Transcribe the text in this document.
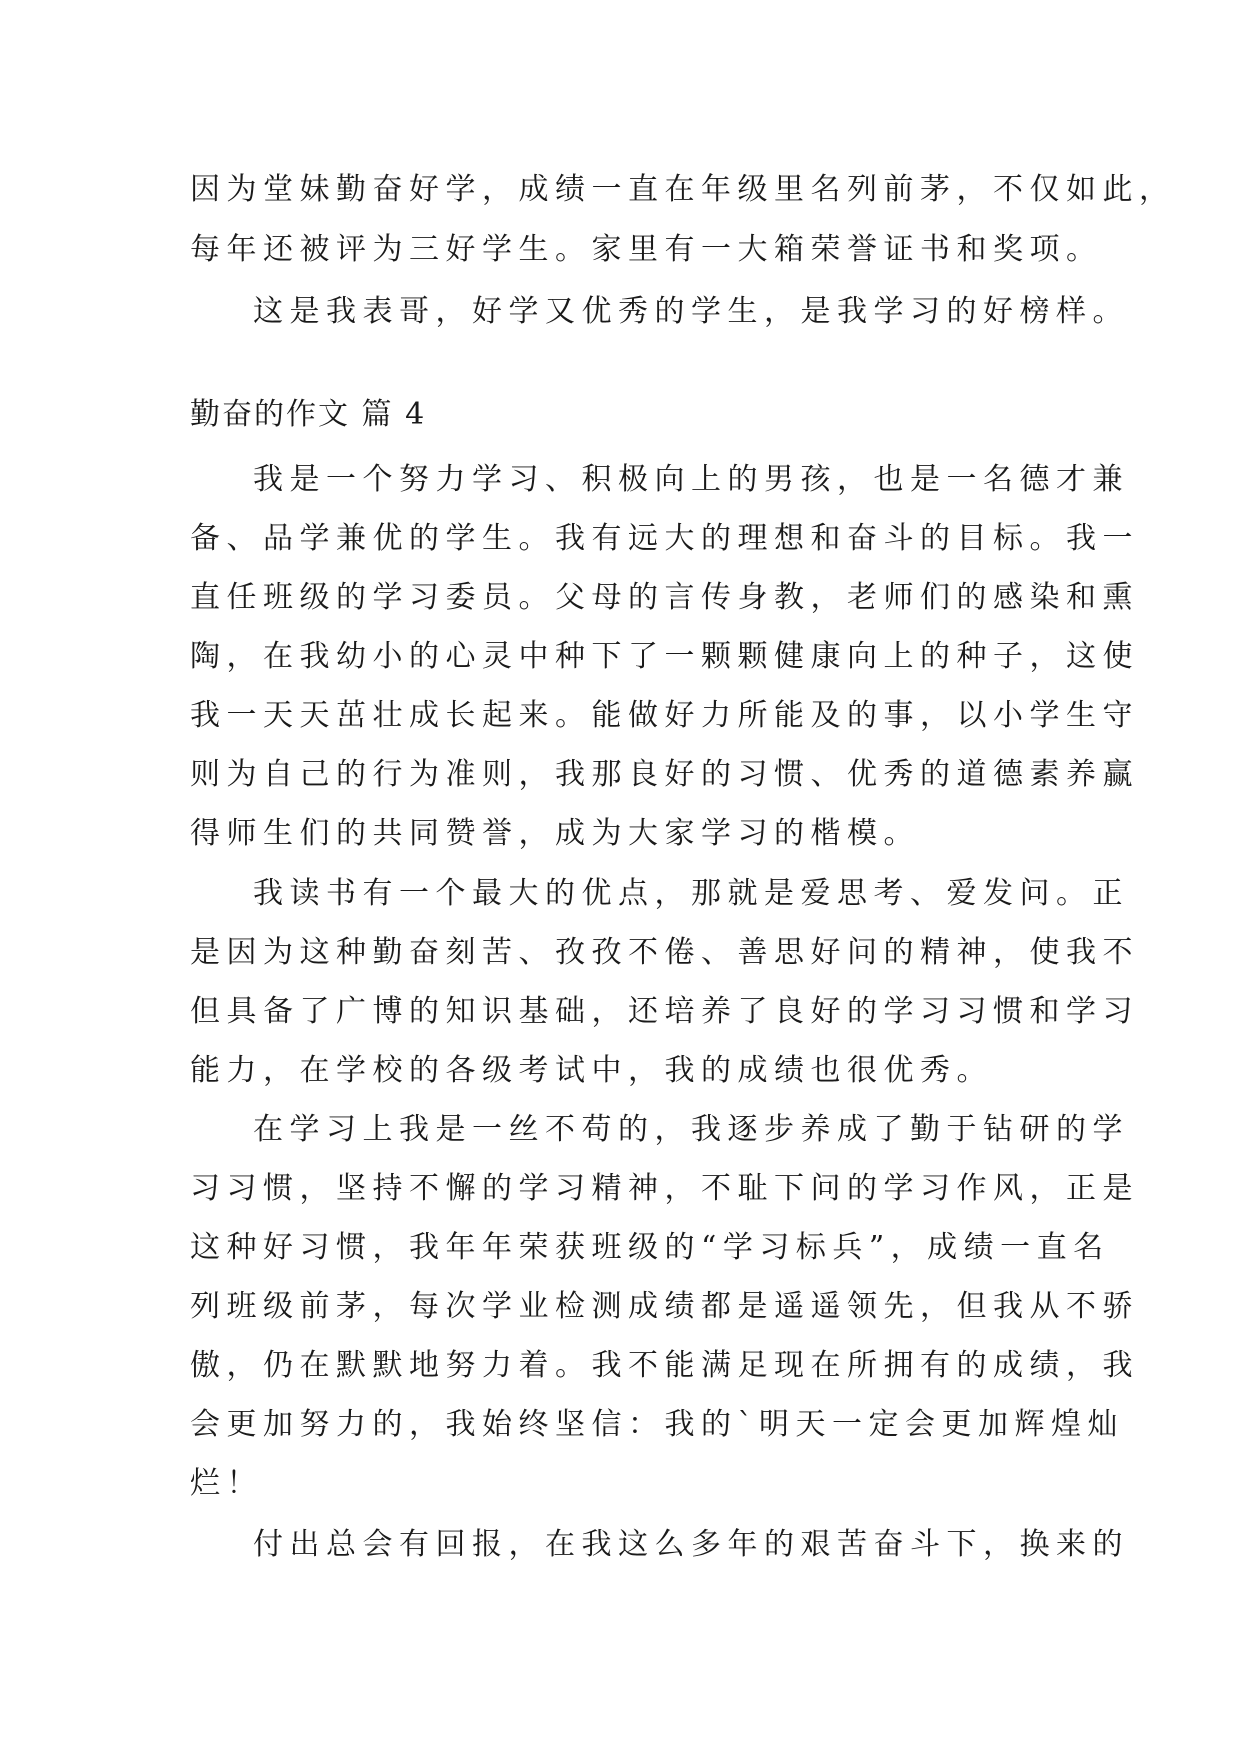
因为堂妹勤奋好学，成绩一直在年级里名列前茅，不仅如此，
每年还被评为三好学生。家里有一大箱荣誉证书和奖项。
这是我表哥，好学又优秀的学生，是我学习的好榜样。
勤奋的作文 篇 4
我是一个努力学习、积极向上的男孩，也是一名德才兼
备、品学兼优的学生。我有远大的理想和奋斗的目标。我一
直任班级的学习委员。父母的言传身教，老师们的感染和熏
陶，在我幼小的心灵中种下了一颗颗健康向上的种子，这使
我一天天茁壮成长起来。能做好力所能及的事，以小学生守
则为自己的行为准则，我那良好的习惯、优秀的道德素养赢
得师生们的共同赞誉，成为大家学习的楷模。
我读书有一个最大的优点，那就是爱思考、爱发问。正
是因为这种勤奋刻苦、孜孜不倦、善思好问的精神，使我不
但具备了广博的知识基础，还培养了良好的学习习惯和学习
能力，在学校的各级考试中，我的成绩也很优秀。
在学习上我是一丝不苟的，我逐步养成了勤于钻研的学
习习惯，坚持不懈的学习精神，不耻下问的学习作风，正是
这种好习惯，我年年荣获班级的“学习标兵”，成绩一直名
列班级前茅，每次学业检测成绩都是遥遥领先，但我从不骄
傲，仍在默默地努力着。我不能满足现在所拥有的成绩，我
会更加努力的，我始终坚信：我的`明天一定会更加辉煌灿
烂！
付出总会有回报，在我这么多年的艰苦奋斗下，换来的
